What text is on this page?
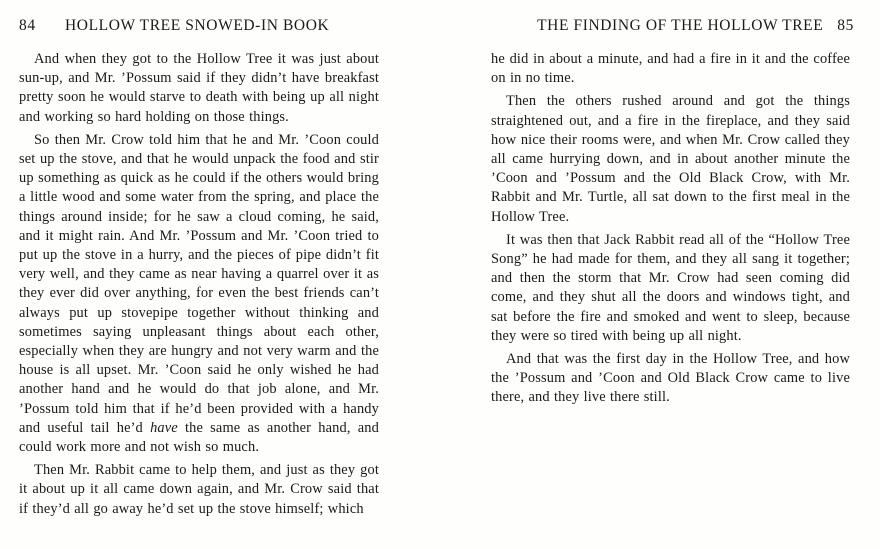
84 HOLLOW TREE SNOWED-IN BOOK

And when they got to the Hollow Tree it was just about sun-up, and Mr. ’Possum said if they didn’t have breakfast pretty soon he would starve to death with being up all night and working so hard holding on those things.

So then Mr. Crow told him that he and Mr. ’Coon could set up the stove, and that he would unpack the food and stir up something as quick as he could if the others would bring a little wood and some water from the spring, and place the things around inside; for he saw a cloud coming, he said, and it might rain. And Mr. ’Possum and Mr. ’Coon tried to put up the stove in a hurry, and the pieces of pipe didn’t fit very well, and they came as near having a quarrel over it as they ever did over anything, for even the best friends can’t always put up stovepipe together without thinking and sometimes saying unpleasant things about each other, especially when they are hungry and not very warm and the house is all upset. Mr. ’Coon said he only wished he had another hand and he would do that job alone, and Mr. ’Possum told him that if he’d been provided with a handy and useful tail he’d have the same as another hand, and could work more and not wish so much.

Then Mr. Rabbit came to help them, and just as they got it about up it all came down again, and Mr. Crow said that if they’d all go away he’d set up the stove himself; which

THE FINDING OF THE HOLLOW TREE 85

he did in about a minute, and had a fire in it and the coffee on in no time.

Then the others rushed around and got the things straightened out, and a fire in the fireplace, and they said how nice their rooms were, and when Mr. Crow called they all came hurrying down, and in about another minute the ’Coon and ’Possum and the Old Black Crow, with Mr. Rabbit and Mr. Turtle, all sat down to the first meal in the Hollow Tree.

It was then that Jack Rabbit read all of the “Hollow Tree Song” he had made for them, and they all sang it together; and then the storm that Mr. Crow had seen coming did come, and they shut all the doors and windows tight, and sat before the fire and smoked and went to sleep, because they were so tired with being up all night.

And that was the first day in the Hollow Tree, and how the ’Possum and ’Coon and Old Black Crow came to live there, and they live there still.
